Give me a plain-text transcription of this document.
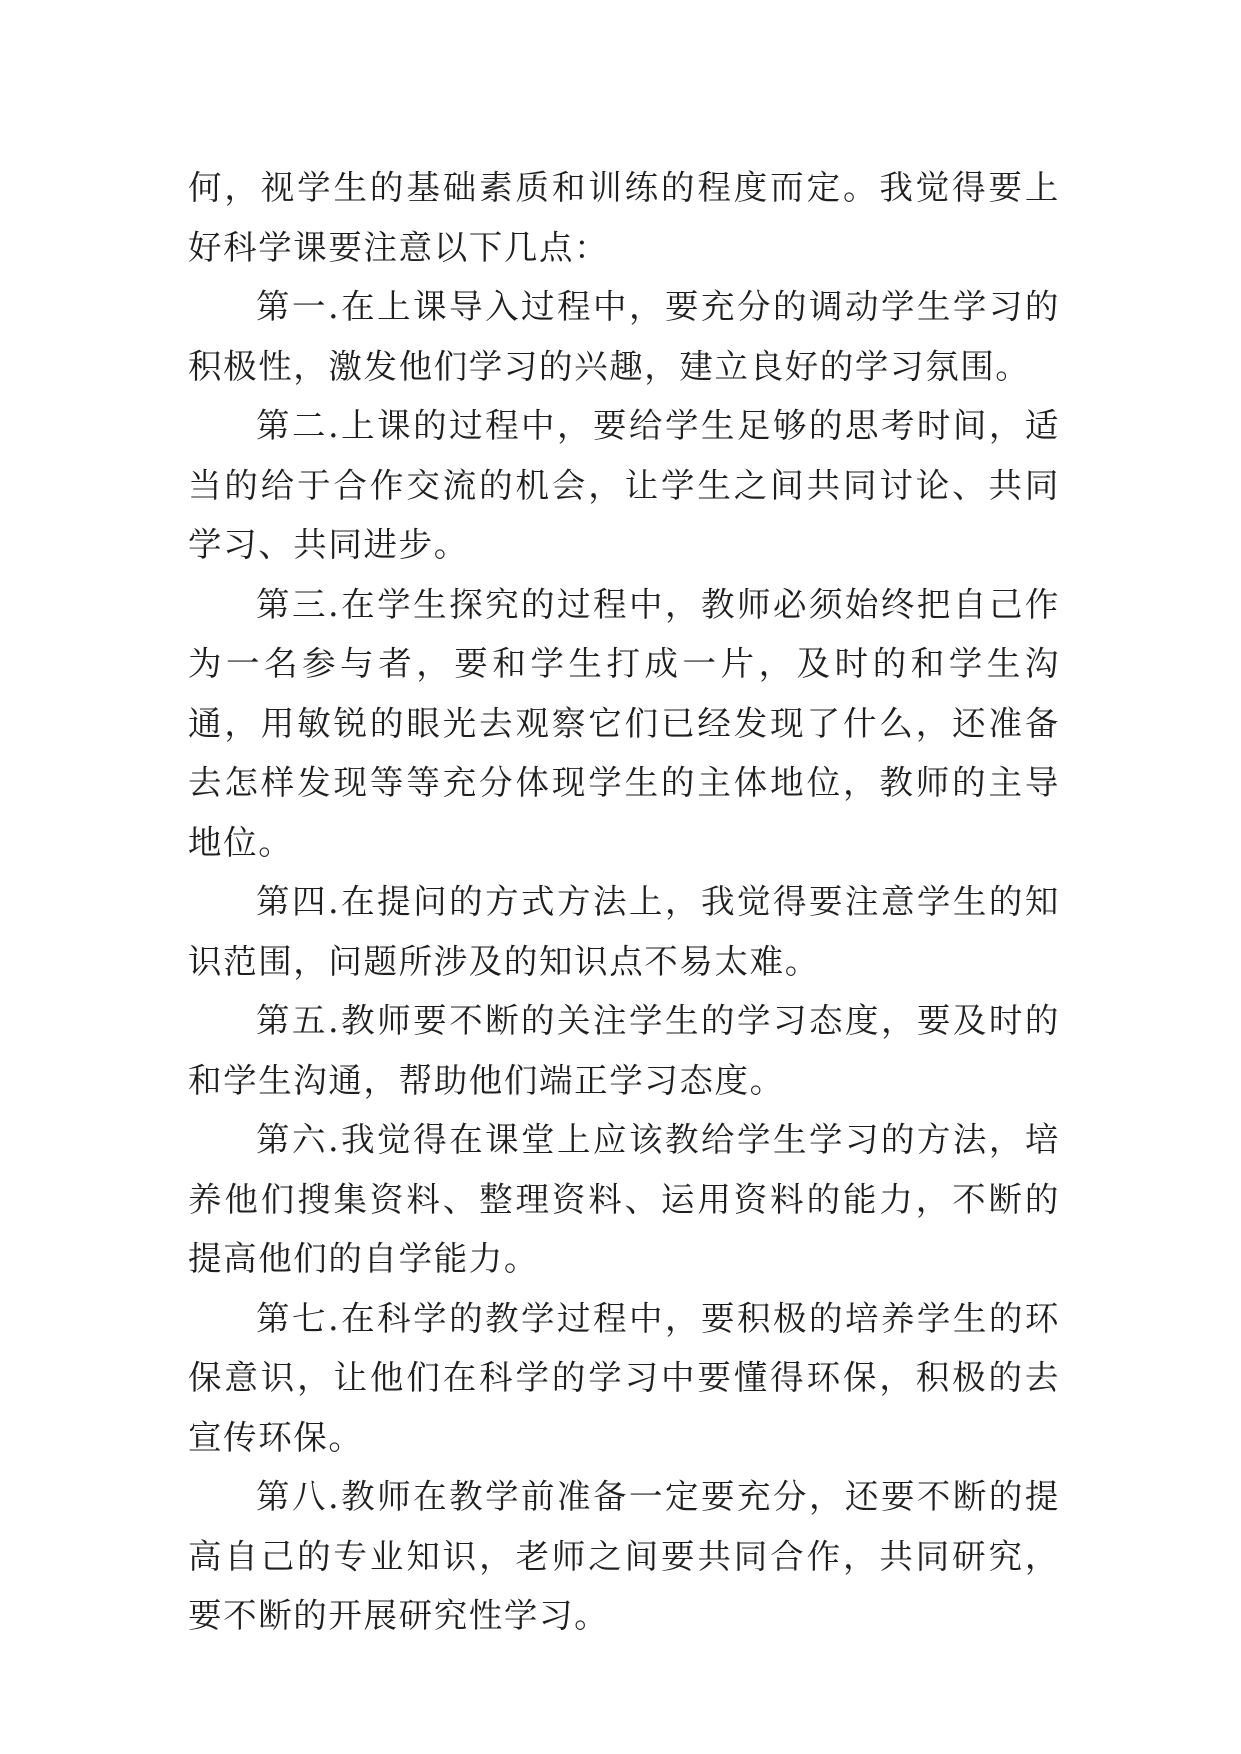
何，视学生的基础素质和训练的程度而定。我觉得要上好科学课要注意以下几点：

第一.在上课导入过程中，要充分的调动学生学习的积极性，激发他们学习的兴趣，建立良好的学习氛围。

第二.上课的过程中，要给学生足够的思考时间，适当的给于合作交流的机会，让学生之间共同讨论、共同学习、共同进步。

第三.在学生探究的过程中，教师必须始终把自己作为一名参与者，要和学生打成一片，及时的和学生沟通，用敏锐的眼光去观察它们已经发现了什么，还准备去怎样发现等等充分体现学生的主体地位，教师的主导地位。

第四.在提问的方式方法上，我觉得要注意学生的知识范围，问题所涉及的知识点不易太难。

第五.教师要不断的关注学生的学习态度，要及时的和学生沟通，帮助他们端正学习态度。

第六.我觉得在课堂上应该教给学生学习的方法，培养他们搜集资料、整理资料、运用资料的能力，不断的提高他们的自学能力。

第七.在科学的教学过程中，要积极的培养学生的环保意识，让他们在科学的学习中要懂得环保，积极的去宣传环保。

第八.教师在教学前准备一定要充分，还要不断的提高自己的专业知识，老师之间要共同合作，共同研究，要不断的开展研究性学习。
